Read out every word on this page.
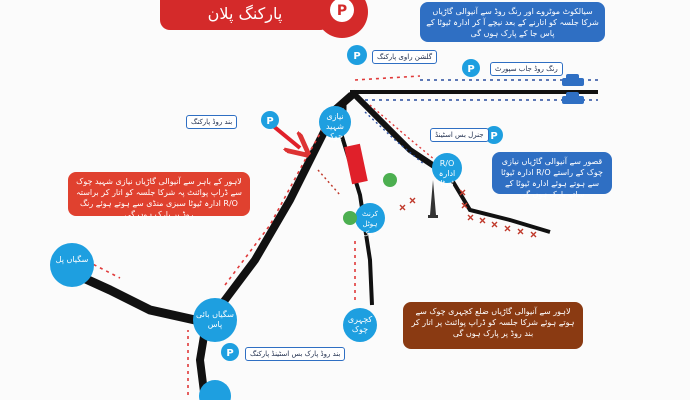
P
P
P
P
P
P
پارکنگ پلان	سیالکوٹ موٹروے اور رنگ روڈ سے آنیوالی گاڑیاں شرکا جلسہ کو اتارنے کے بعد نیچے آ کر ادارہ ٹیوٹا کے پاس جا کے پارک ہوں گی
لاہور کے باہر سے آنیوالی گاڑیاں نیازی شہید چوک سے ڈراپ پوائنٹ پہ شرکا جلسہ کو اتار کر براستہ R/O ادارہ ٹیوٹا سبزی منڈی سے ہوتے ہوئے رنگ روڈ پر پارک ہوں گی
قصور سے آنیوالی گاڑیاں نیازی چوک کے راستے R/O ادارہ ٹیوٹا سے ہوتے ہوئے ادارہ ٹیوٹا کے ساتھ پارک ہوں گی
لاہور سے آنیوالی گاڑیاں ضلع کچہری چوک سے ہوتے ہوئے شرکا جلسہ کو ڈراپ پوائنٹ پر اتار کر بند روڈ پر پارک ہوں گی
گلشن راوی پارکنگ
رنگ روڈ جاب سپورٹ
بند روڈ پارکنگ
جنرل بس اسٹینڈ
بند روڈ پارک بس اسٹینڈ پارکنگ
نیازی شہید چوک
R/O ادارہ ٹیوٹا
کرنٹ ہوٹل چوک
سگیاں بائی پاس
کچہری چوک
سگیاں پل
